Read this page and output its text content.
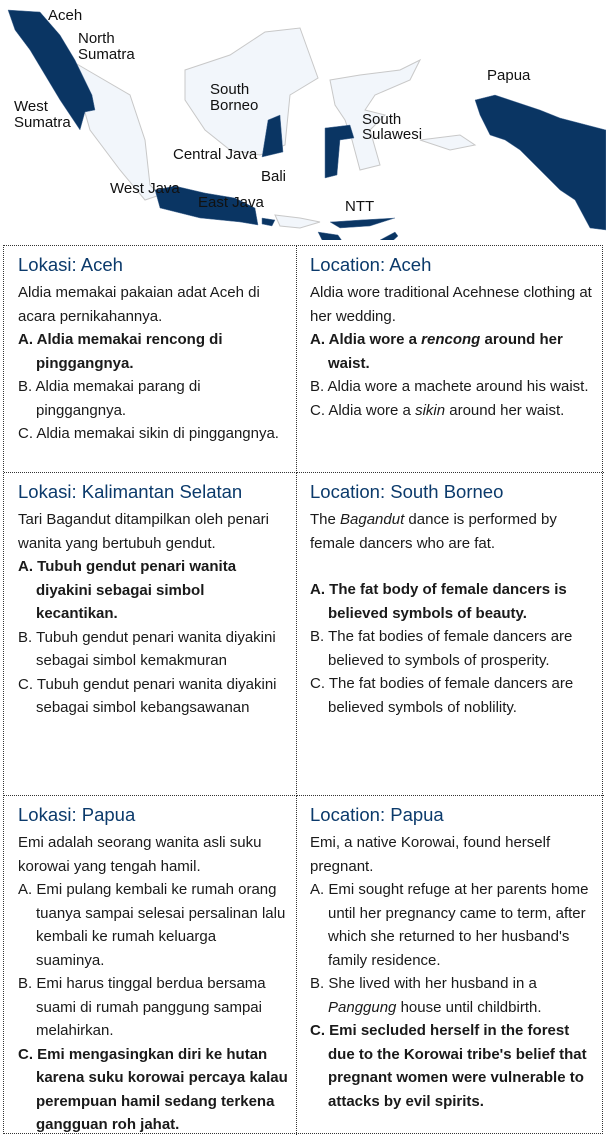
Aceh
North
Sumatra
West
Sumatra
South
Borneo
South
Sulawesi
Papua
Central Java
Bali
West Java
East Java	NTT
Lokasi: Aceh
Aldia memakai pakaian adat Aceh di acara pernikahannya.
A. Aldia memakai rencong di pinggangnya.
B. Aldia memakai parang di pinggangnya.
C. Aldia memakai sikin di pinggangnya.
Location: Aceh
Aldia wore traditional Acehnese clothing at her wedding.
A. Aldia wore a rencong around her waist.
B. Aldia wore a machete around his waist.
C. Aldia wore a sikin around her waist.
Lokasi: Kalimantan Selatan
Tari Bagandut ditampilkan oleh penari wanita yang bertubuh gendut.
A. Tubuh gendut penari wanita diyakini sebagai simbol kecantikan.
B. Tubuh gendut penari wanita diyakini sebagai simbol kemakmuran
C. Tubuh gendut penari wanita diyakini sebagai simbol kebangsawanan
Location: South Borneo
The Bagandut dance is performed by female dancers who are fat.
A. The fat body of female dancers is believed symbols of beauty.
B. The fat bodies of female dancers are believed to symbols of prosperity.
C. The fat bodies of female dancers are believed symbols of noblility.
Lokasi: Papua
Emi adalah seorang wanita asli suku korowai yang tengah hamil.
A. Emi pulang kembali ke rumah orang tuanya sampai selesai persalinan lalu kembali ke rumah keluarga suaminya.
B. Emi harus tinggal berdua bersama suami di rumah panggung sampai melahirkan.
C. Emi mengasingkan diri ke hutan karena suku korowai percaya kalau perempuan hamil sedang terkena gangguan roh jahat.
Location: Papua
Emi, a native Korowai, found herself pregnant.
A. Emi sought refuge at her parents home until her pregnancy came to term, after which she returned to her husband's family residence.
B. She lived with her husband in a Panggung house until childbirth.
C. Emi secluded herself in the forest due to the Korowai tribe's belief that pregnant women were vulnerable to attacks by evil spirits.
